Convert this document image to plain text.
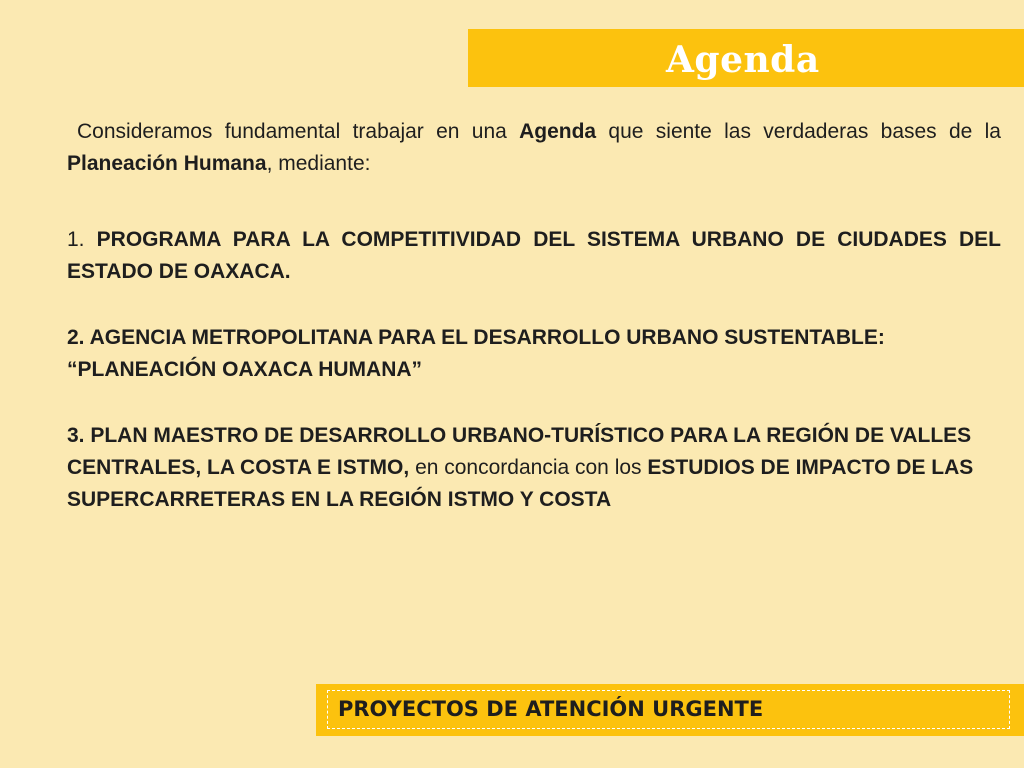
Agenda

Consideramos fundamental trabajar en una Agenda que siente las verdaderas bases de la Planeación Humana, mediante:

1. PROGRAMA PARA LA COMPETITIVIDAD DEL SISTEMA URBANO DE CIUDADES DEL ESTADO DE OAXACA.

2. AGENCIA METROPOLITANA PARA EL DESARROLLO URBANO SUSTENTABLE: “PLANEACIÓN OAXACA HUMANA”

3. PLAN MAESTRO DE DESARROLLO URBANO-TURÍSTICO PARA LA REGIÓN DE VALLES CENTRALES, LA COSTA E ISTMO, en concordancia con los ESTUDIOS DE IMPACTO DE LAS SUPERCARRETERAS EN LA REGIÓN ISTMO Y COSTA

PROYECTOS DE ATENCIÓN URGENTE
